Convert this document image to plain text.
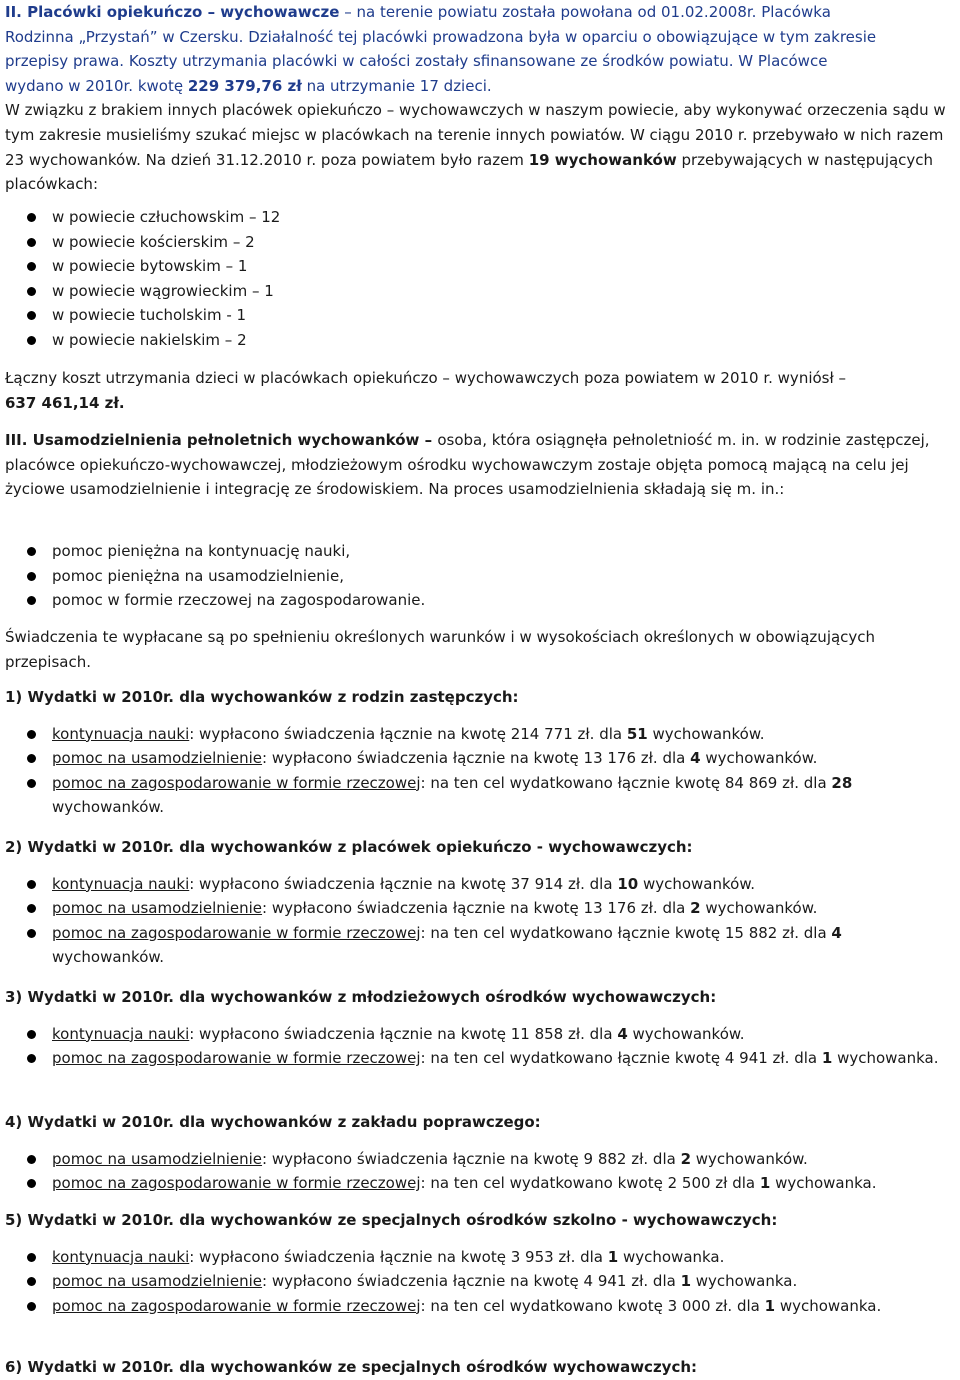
II. Placówki opiekuńczo – wychowawcze – na terenie powiatu została powołana od 01.02.2008r. Placówka
Rodzinna „Przystań” w Czersku. Działalność tej placówki prowadzona była w oparciu o obowiązujące w tym zakresie
przepisy prawa. Koszty utrzymania placówki w całości zostały sfinansowane ze środków powiatu. W Placówce
wydano w 2010r. kwotę 229 379,76 zł na utrzymanie 17 dzieci.

W związku z brakiem innych placówek opiekuńczo – wychowawczych w naszym powiecie, aby wykonywać orzeczenia sądu w tym zakresie musieliśmy szukać miejsc w placówkach na terenie innych powiatów. W ciągu 2010 r. przebywało w nich razem 23 wychowanków. Na dzień 31.12.2010 r. poza powiatem było razem 19 wychowanków przebywających w następujących placówkach:

w powiecie człuchowskim – 12
w powiecie kościerskim – 2
w powiecie bytowskim – 1
w powiecie wągrowieckim – 1
w powiecie tucholskim - 1
w powiecie nakielskim – 2

Łączny koszt utrzymania dzieci w placówkach opiekuńczo – wychowawczych poza powiatem w 2010 r. wyniósł –
637 461,14 zł.

III. Usamodzielnienia pełnoletnich wychowanków – osoba, która osiągnęła pełnoletniość m. in. w rodzinie zastępczej, placówce opiekuńczo-wychowawczej, młodzieżowym ośrodku wychowawczym zostaje objęta pomocą mającą na celu jej życiowe usamodzielnienie i integrację ze środowiskiem. Na proces usamodzielnienia składają się m. in.:

pomoc pieniężna na kontynuację nauki,
pomoc pieniężna na usamodzielnienie,
pomoc w formie rzeczowej na zagospodarowanie.

Świadczenia te wypłacane są po spełnieniu określonych warunków i w wysokościach określonych w obowiązujących przepisach.

1) Wydatki w 2010r. dla wychowanków z rodzin zastępczych:

kontynuacja nauki: wypłacono świadczenia łącznie na kwotę 214 771 zł. dla 51 wychowanków.
pomoc na usamodzielnienie: wypłacono świadczenia łącznie na kwotę 13 176 zł. dla 4 wychowanków.
pomoc na zagospodarowanie w formie rzeczowej: na ten cel wydatkowano łącznie kwotę 84 869 zł. dla 28 wychowanków.

2) Wydatki w 2010r. dla wychowanków z placówek opiekuńczo - wychowawczych:

kontynuacja nauki: wypłacono świadczenia łącznie na kwotę 37 914 zł. dla 10 wychowanków.
pomoc na usamodzielnienie: wypłacono świadczenia łącznie na kwotę 13 176 zł. dla 2 wychowanków.
pomoc na zagospodarowanie w formie rzeczowej: na ten cel wydatkowano łącznie kwotę 15 882 zł. dla 4 wychowanków.

3) Wydatki w 2010r. dla wychowanków z młodzieżowych ośrodków wychowawczych:

kontynuacja nauki: wypłacono świadczenia łącznie na kwotę 11 858 zł. dla 4 wychowanków.
pomoc na zagospodarowanie w formie rzeczowej: na ten cel wydatkowano łącznie kwotę 4 941 zł. dla 1 wychowanka.

4) Wydatki w 2010r. dla wychowanków z zakładu poprawczego:

pomoc na usamodzielnienie: wypłacono świadczenia łącznie na kwotę 9 882 zł. dla 2 wychowanków.
pomoc na zagospodarowanie w formie rzeczowej: na ten cel wydatkowano kwotę 2 500 zł dla 1 wychowanka.

5) Wydatki w 2010r. dla wychowanków ze specjalnych ośrodków szkolno - wychowawczych:

kontynuacja nauki: wypłacono świadczenia łącznie na kwotę 3 953 zł. dla 1 wychowanka.
pomoc na usamodzielnienie: wypłacono świadczenia łącznie na kwotę 4 941 zł. dla 1 wychowanka.
pomoc na zagospodarowanie w formie rzeczowej: na ten cel wydatkowano kwotę 3 000 zł. dla 1 wychowanka.

6) Wydatki w 2010r. dla wychowanków ze specjalnych ośrodków wychowawczych:
